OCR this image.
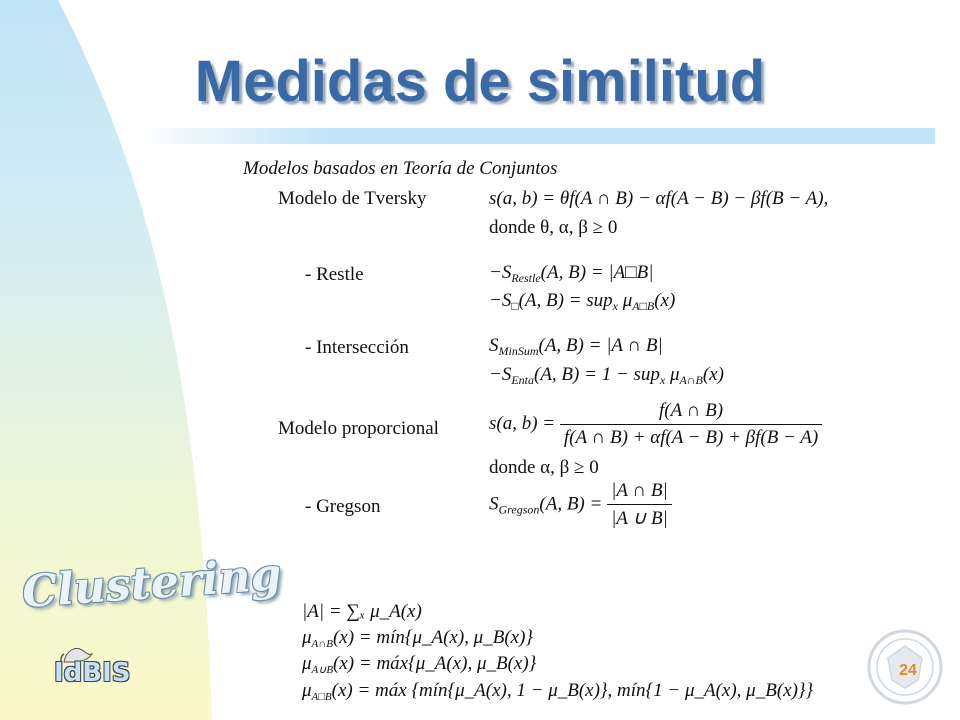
Medidas de similitud
Modelos basados en Teoría de Conjuntos
Modelo de Tversky	s(a, b) = θf(A ∩ B) − αf(A − B) − βf(B − A),
donde θ, α, β ≥ 0
- Restle	$-S_{Restle}(A$, B) = |A□B|
$-S_□(A$, B) = sup$_x$ $\mu_{A□B}(x)$
- Intersección	$S_{MinSum}(A$, B) = |A ∩ B|
$-S_{Enta}(A$, B) = 1 − sup$_x$ $\mu_{A\cap B}(x)$
Modelo proporcional	s(a, $b) = \frac{f(A \cap B)}{f(A \cap B) + \alpha f(A - B) + \beta f(B - A)}$
donde α, β ≥ 0
- Gregson	$S_{Gregson}(A$, $B) = \frac{|A \cap B|}{|A \cup B|}$
|A| = ∑ₓ μ_A(x)
$\mu_{A\cap B}(x)$ = mín{μ_A(x), μ_B(x)}
$\mu_{A\cup B}(x)$ = máx{μ_A(x), μ_B(x)}
$\mu_{A□B}(x)$ = máx {mín{μ_A(x), 1 − μ_B(x)}, mín{1 − μ_A(x), μ_B(x)}}
Clustering
IdBIS	24
